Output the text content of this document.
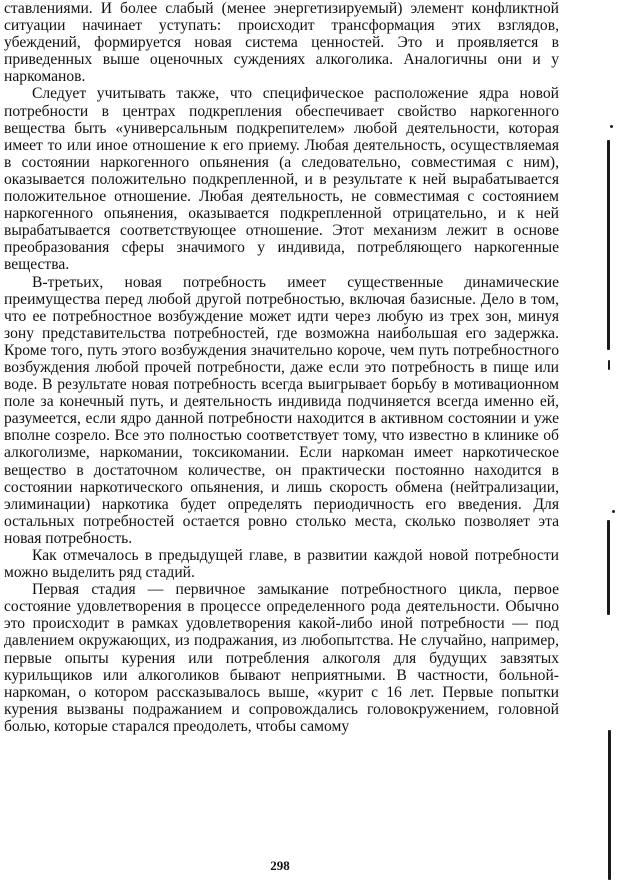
ставлениями. И более слабый (менее энергетизируемый) элемент конфликтной ситуации начинает уступать: происходит трансформация этих взглядов, убеждений, формируется новая система ценностей. Это и проявляется в приведенных выше оценочных суждениях алкоголика. Аналогичны они и у наркоманов.

Следует учитывать также, что специфическое расположение ядра новой потребности в центрах подкрепления обеспечивает свойство наркогенного вещества быть «универсальным подкрепителем» любой деятельности, которая имеет то или иное отношение к его приему. Любая деятельность, осуществляемая в состоянии наркогенного опьянения (а следовательно, совместимая с ним), оказывается положительно подкрепленной, и в результате к ней вырабатывается положительное отношение. Любая деятельность, не совместимая с состоянием наркогенного опьянения, оказывается подкрепленной отрицательно, и к ней вырабатывается соответствующее отношение. Этот механизм лежит в основе преобразования сферы значимого у индивида, потребляющего наркогенные вещества.

В-третьих, новая потребность имеет существенные динамические преимущества перед любой другой потребностью, включая базисные. Дело в том, что ее потребностное возбуждение может идти через любую из трех зон, минуя зону представительства потребностей, где возможна наибольшая его задержка. Кроме того, путь этого возбуждения значительно короче, чем путь потребностного возбуждения любой прочей потребности, даже если это потребность в пище или воде. В результате новая потребность всегда выигрывает борьбу в мотивационном поле за конечный путь, и деятельность индивида подчиняется всегда именно ей, разумеется, если ядро данной потребности находится в активном состоянии и уже вполне созрело. Все это полностью соответствует тому, что известно в клинике об алкоголизме, наркомании, токсикомании. Если наркоман имеет наркотическое вещество в достаточном количестве, он практически постоянно находится в состоянии наркотического опьянения, и лишь скорость обмена (нейтрализации, элиминации) наркотика будет определять периодичность его введения. Для остальных потребностей остается ровно столько места, сколько позволяет эта новая потребность.

Как отмечалось в предыдущей главе, в развитии каждой новой потребности можно выделить ряд стадий.

Первая стадия — первичное замыкание потребностного цикла, первое состояние удовлетворения в процессе определенного рода деятельности. Обычно это происходит в рамках удовлетворения какой-либо иной потребности — под давлением окружающих, из подражания, из любопытства. Не случайно, например, первые опыты курения или потребления алкоголя для будущих завзятых курильщиков или алкоголиков бывают неприятными. В частности, больной-наркоман, о котором рассказывалось выше, «курит с 16 лет. Первые попытки курения вызваны подражанием и сопровождались головокружением, головной болью, которые старался преодолеть, чтобы самому

298
